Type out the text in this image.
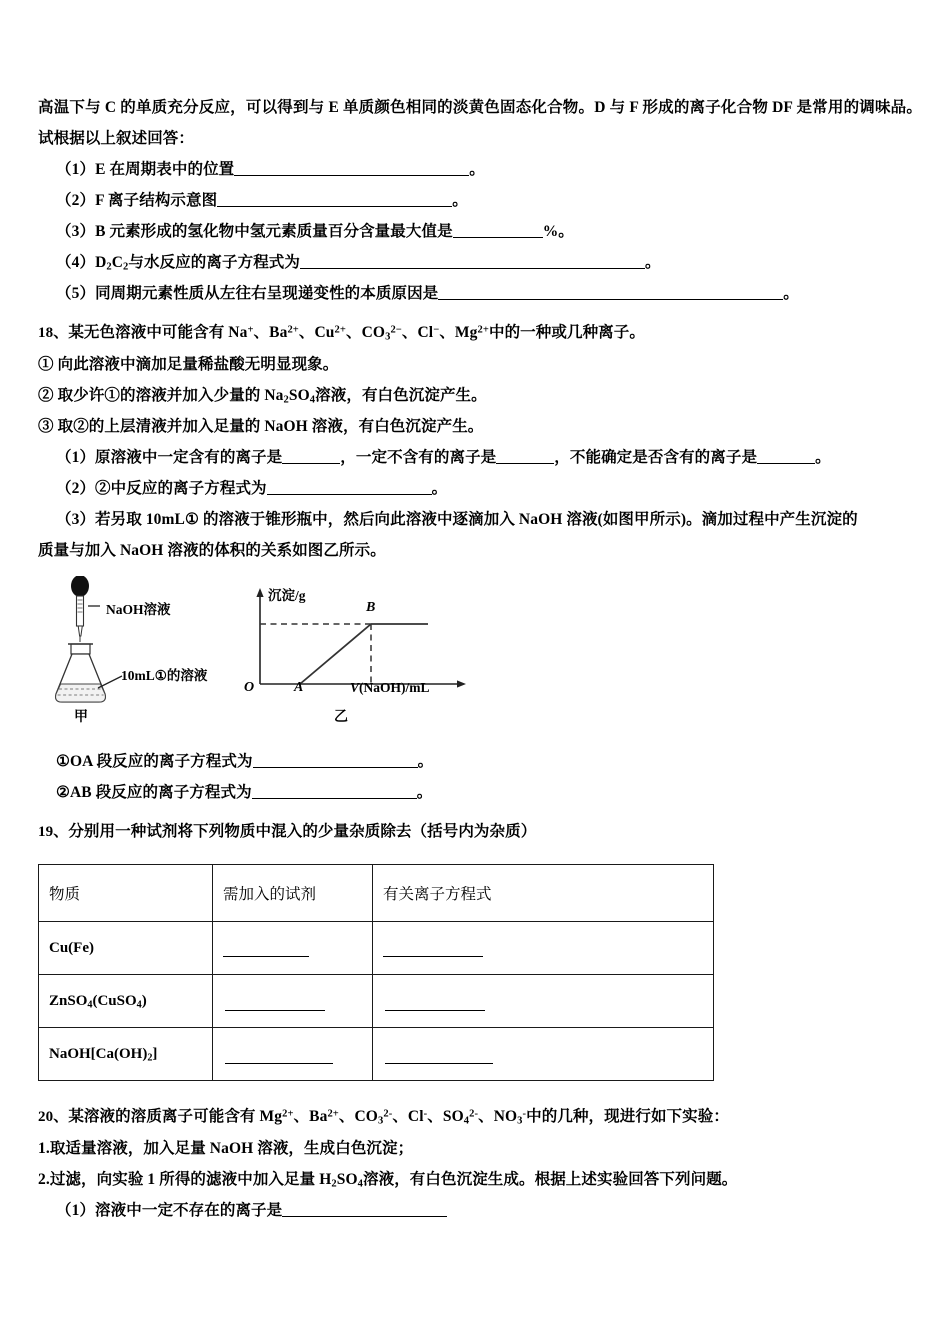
高温下与 C 的单质充分反应，可以得到与 E 单质颜色相同的淡黄色固态化合物。D 与 F 形成的离子化合物 DF 是常用的调味品。试根据以上叙述回答：

（1）E 在周期表中的位置	。

（2）F 离子结构示意图	。

（3）B 元素形成的氢化物中氢元素质量百分含量最大值是	%。

$(4)D_2C_2$与水反应的离子方程式为	。

（5）同周期元素性质从左往右呈现递变性的本质原因是	。

18、某无色溶液中可能含有 Na+、$Ba^{2+}$、$Cu^{2+}$、$CO_3^{2-}$、Cl−、$Mg^{2+}$中的一种或几种离子。

① 向此溶液中滴加足量稀盐酸无明显现象。

② 取少许①的溶液并加入少量的 $Na_2SO_4$溶液，有白色沉淀产生。

③ 取②的上层清液并加入足量的 NaOH 溶液，有白色沉淀产生。

（1）原溶液中一定含有的离子是	，一定不含有的离子是	，不能确定是否含有的离子是	。

（2）②中反应的离子方程式为	。

（3）若另取 10mL① 的溶液于锥形瓶中，然后向此溶液中逐滴加入 NaOH 溶液(如图甲所示)。滴加过程中产生沉淀的

质量与加入 NaOH 溶液的体积的关系如图乙所示。

NaOH溶液
10mL①的溶液
甲
沉淀/g
O	A
B
V(NaOH)/mL
乙

①OA 段反应的离子方程式为	。

②AB 段反应的离子方程式为	。

19、分别用一种试剂将下列物质中混入的少量杂质除去（括号内为杂质）

物质	需加入的试剂	有关离子方程式
Cu(Fe)	

ZnSO$_4$(CuSO$_4$)	

$NaOH[Ca(OH)_2]$	

20、某溶液的溶质离子可能含有 $Mg^{2+}$、$Ba^{2+}$、$CO_3^{2-}$、Cl-、$SO_4^{2-}$、$NO_3^-$中的几种，现进行如下实验：

1.取适量溶液，加入足量 NaOH 溶液，生成白色沉淀；

2.过滤，向实验 1 所得的滤液中加入足量 $H_2SO_4$溶液，有白色沉淀生成。根据上述实验回答下列问题。

（1）溶液中一定不存在的离子是
